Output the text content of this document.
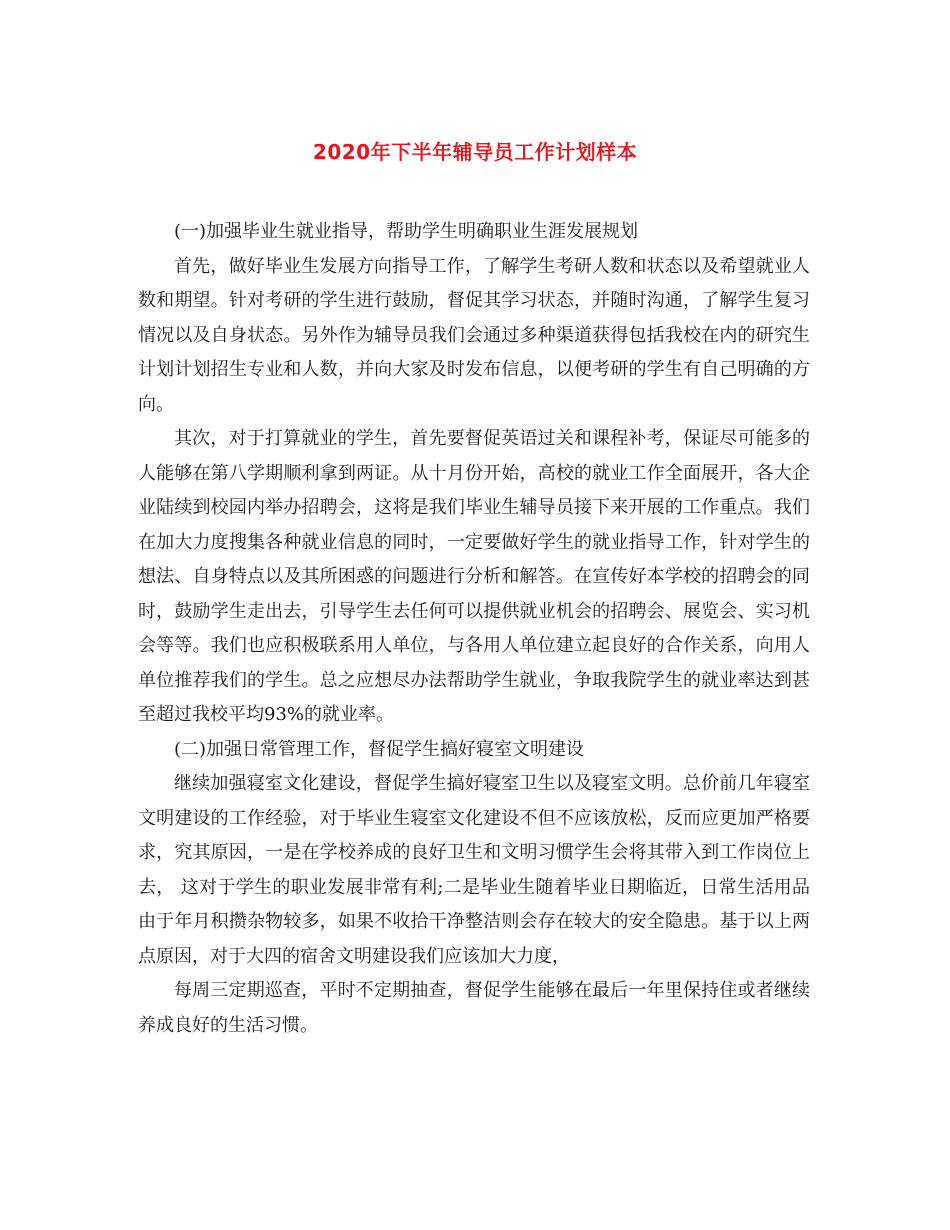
2020年下半年辅导员工作计划样本

(一)加强毕业生就业指导，帮助学生明确职业生涯发展规划

首先，做好毕业生发展方向指导工作，了解学生考研人数和状态以及希望就业人数和期望。针对考研的学生进行鼓励，督促其学习状态，并随时沟通，了解学生复习情况以及自身状态。另外作为辅导员我们会通过多种渠道获得包括我校在内的研究生计划计划招生专业和人数，并向大家及时发布信息，以便考研的学生有自己明确的方向。

其次，对于打算就业的学生，首先要督促英语过关和课程补考，保证尽可能多的人能够在第八学期顺利拿到两证。从十月份开始，高校的就业工作全面展开，各大企业陆续到校园内举办招聘会，这将是我们毕业生辅导员接下来开展的工作重点。我们在加大力度搜集各种就业信息的同时，一定要做好学生的就业指导工作，针对学生的想法、自身特点以及其所困惑的问题进行分析和解答。在宣传好本学校的招聘会的同时，鼓励学生走出去，引导学生去任何可以提供就业机会的招聘会、展览会、实习机会等等。我们也应积极联系用人单位，与各用人单位建立起良好的合作关系，向用人单位推荐我们的学生。总之应想尽办法帮助学生就业，争取我院学生的就业率达到甚至超过我校平均93%的就业率。

(二)加强日常管理工作，督促学生搞好寝室文明建设

继续加强寝室文化建设，督促学生搞好寝室卫生以及寝室文明。总价前几年寝室文明建设的工作经验，对于毕业生寝室文化建设不但不应该放松，反而应更加严格要求，究其原因，一是在学校养成的良好卫生和文明习惯学生会将其带入到工作岗位上去， 这对于学生的职业发展非常有利;二是毕业生随着毕业日期临近，日常生活用品由于年月积攒杂物较多，如果不收拾干净整洁则会存在较大的安全隐患。基于以上两点原因，对于大四的宿舍文明建设我们应该加大力度，

每周三定期巡查，平时不定期抽查，督促学生能够在最后一年里保持住或者继续养成良好的生活习惯。
